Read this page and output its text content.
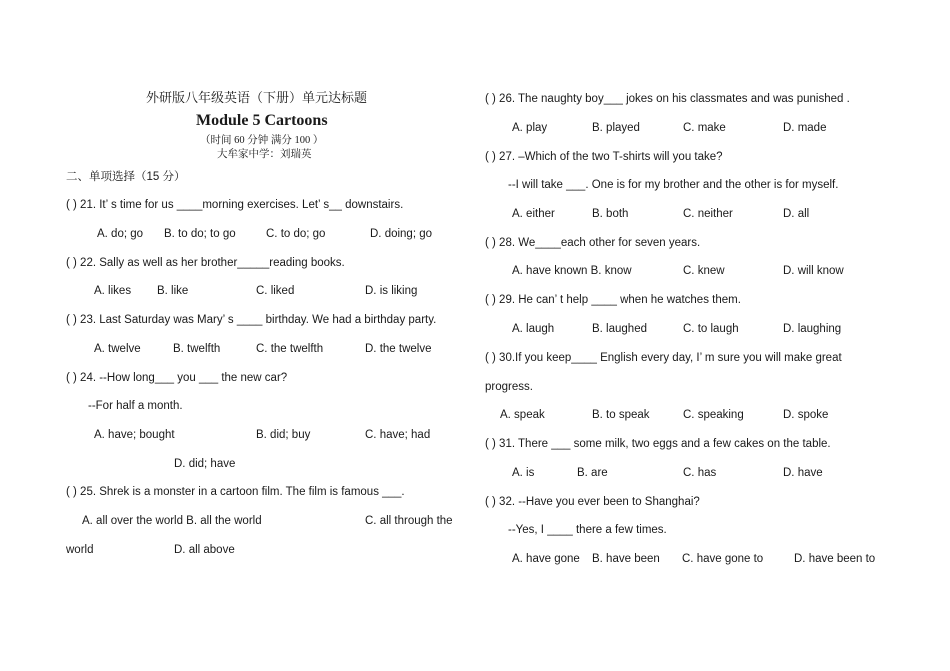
外研版八年级英语（下册）单元达标题
Module 5 Cartoons
（时间 60 分钟 满分 100 ）
大牟家中学：刘瑞英
二、单项选择（15 分）
( ) 21. It’ s time for us ____morning exercises. Let’ s__ downstairs.
A. do; go B. to do; to go	C. to do; go	D. doing; go
( ) 22. Sally as well as her brother_____reading books.
A. likes B. like	C. liked	D. is liking
( ) 23. Last Saturday was Mary’ s ____ birthday. We had a birthday party.
A. twelve	B. twelfth	C. the twelfth	D. the twelve
( ) 24. --How long___ you ___ the new car?
--For half a month.
A. have; bought	B. did; buy	C. have; had
D. did; have
( ) 25. Shrek is a monster in a cartoon film. The film is famous ___.
A. all over the world B. all the world	C. all through the
world	D. all above
( ) 26. The naughty boy___ jokes on his classmates and was punished .
A. play	B. played	C. make	D. made
( ) 27. –Which of the two T-shirts will you take?
--I will take ___. One is for my brother and the other is for myself.
A. either	B. both	C. neither	D. all
( ) 28. We____each other for seven years.
A. have known B. know	C. knew	D. will know
( ) 29. He can’ t help ____ when he watches them.
A. laugh	B. laughed	C. to laugh	D. laughing
( ) 30.If you keep____ English every day, I’ m sure you will make great
progress.
A. speak	B. to speak	C. speaking	D. spoke
( ) 31. There ___ some milk, two eggs and a few cakes on the table.
A. is	B. are	C. has	D. have
( ) 32. --Have you ever been to Shanghai?
--Yes, I ____ there a few times.
A. have gone B. have been C. have gone to	D. have been to
